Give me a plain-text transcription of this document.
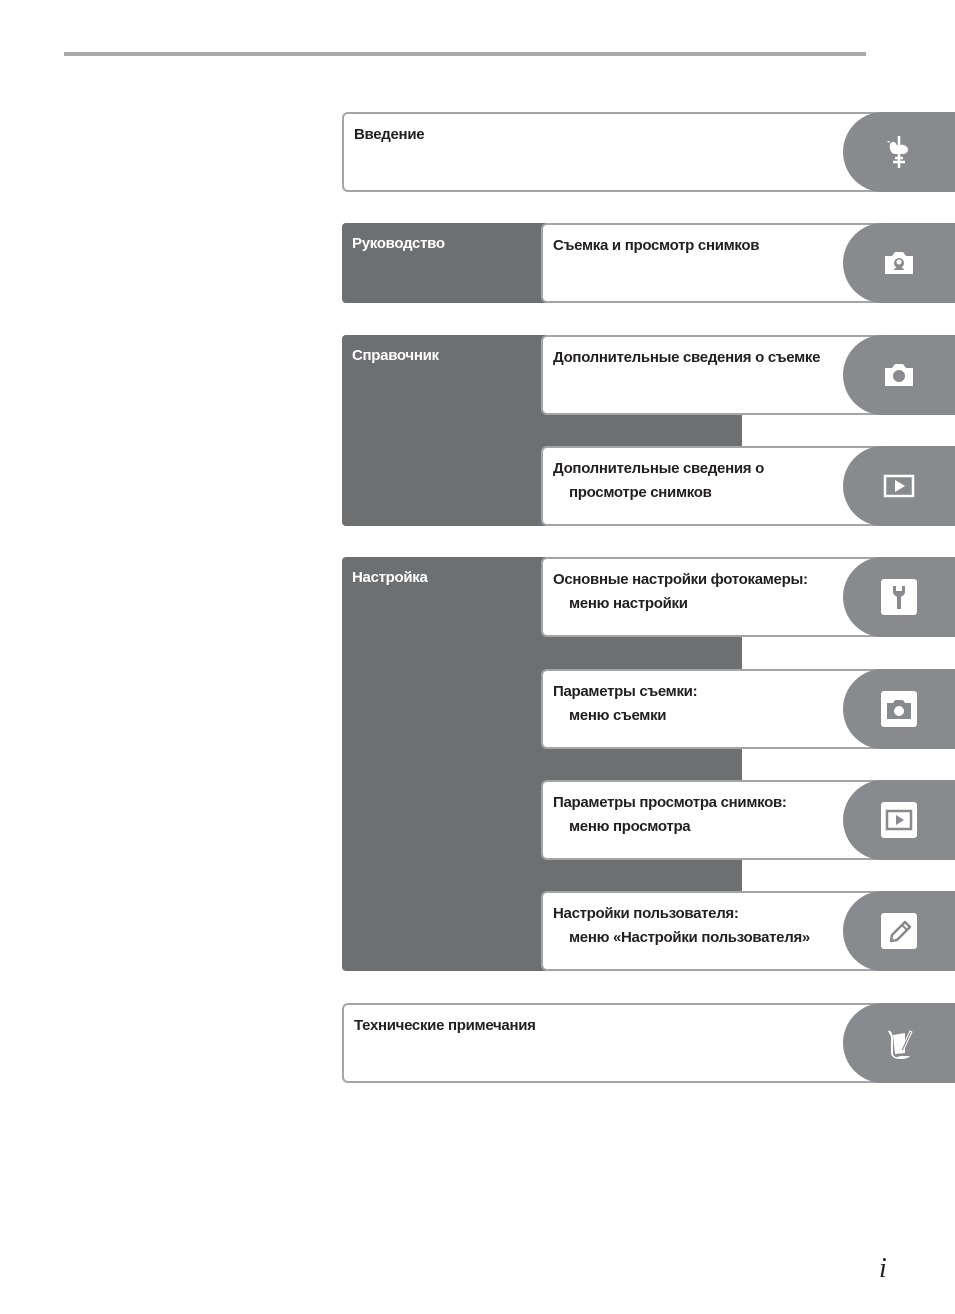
Введение
Руководство	Съемка и просмотр снимков
Справочник	Дополнительные сведения о съемке
Дополнительные сведения о
просмотре снимков
Настройка	Основные настройки фотокамеры:
меню настройки
Параметры съемки:
меню съемки
Параметры просмотра снимков:
меню просмотра
Настройки пользователя:
меню «Настройки пользователя»
Технические примечания
i
